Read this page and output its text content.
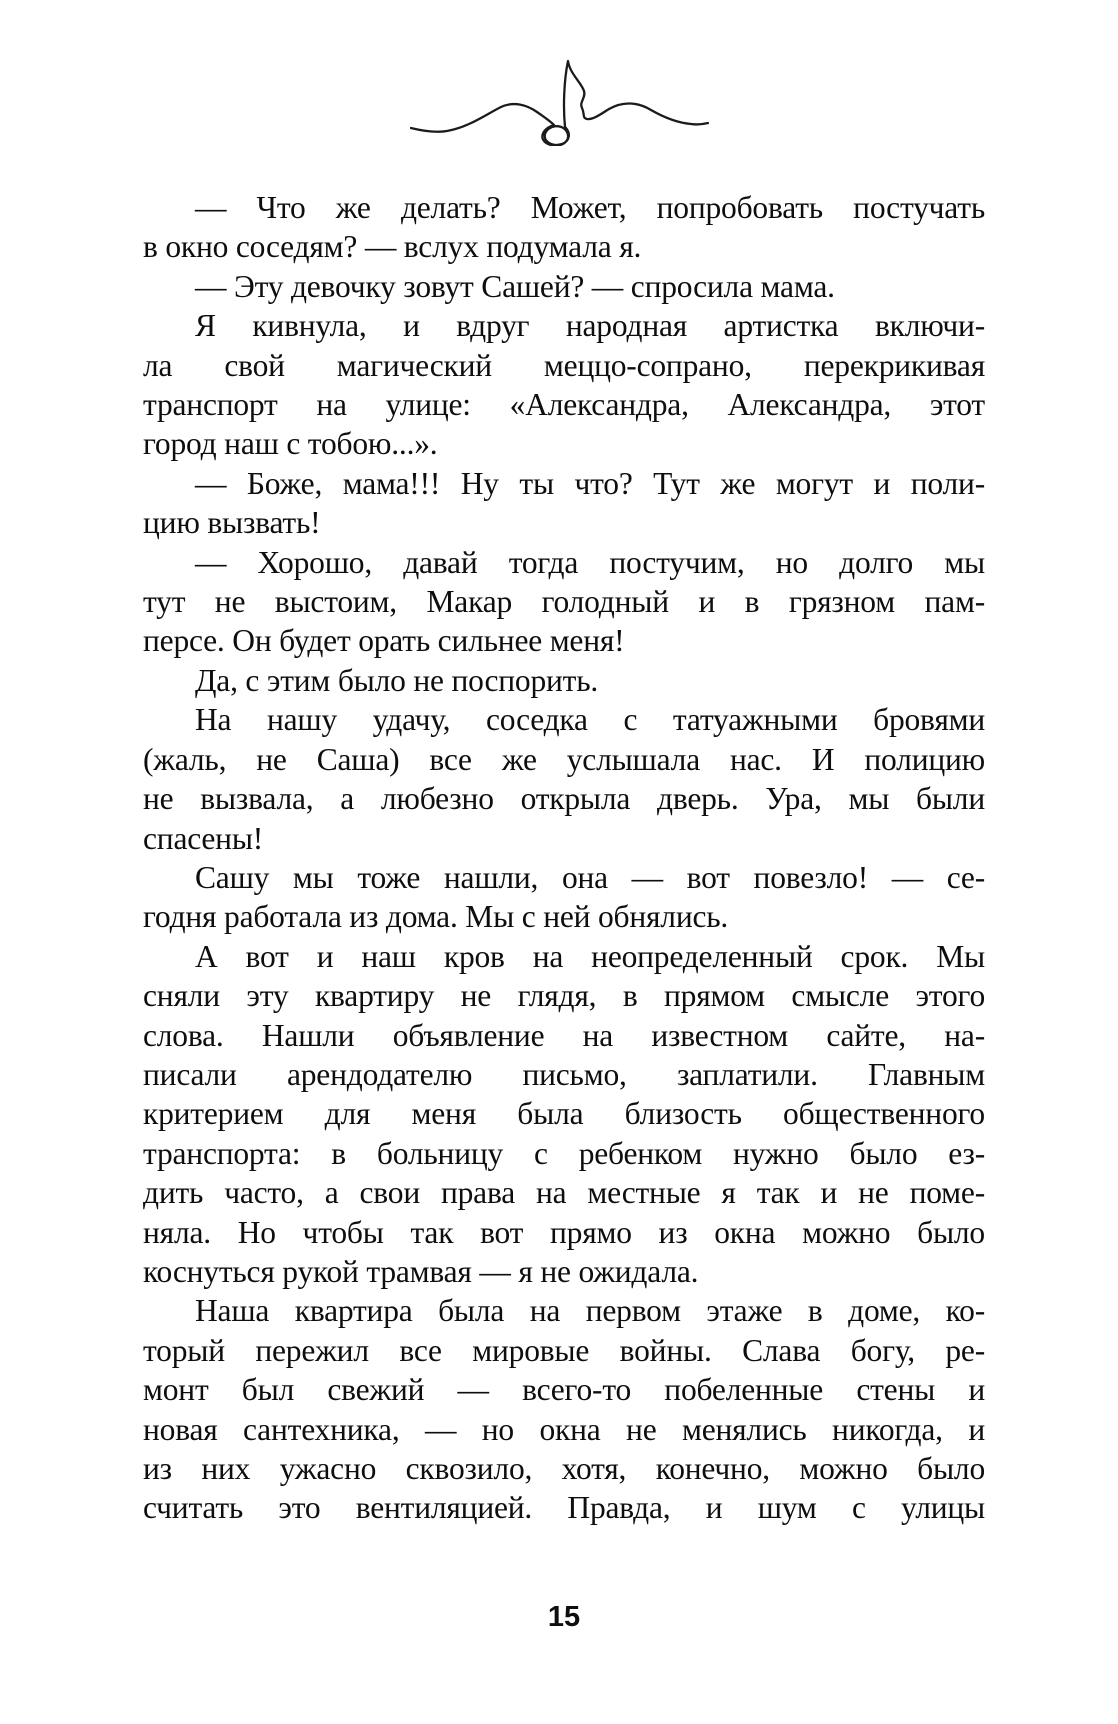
— Что же делать? Может, попробовать постучать
в окно соседям? — вслух подумала я.
— Эту девочку зовут Сашей? — спросила мама.
Я кивнула, и вдруг народная артистка включи-
ла свой магический меццо-сопрано, перекрикивая
транспорт на улице: «Александра, Александра, этот
город наш с тобою...».
— Боже, мама!!! Ну ты что? Тут же могут и поли-
цию вызвать!
— Хорошо, давай тогда постучим, но долго мы
тут не выстоим, Макар голодный и в грязном пам-
персе. Он будет орать сильнее меня!
Да, с этим было не поспорить.
На нашу удачу, соседка с татуажными бровями
(жаль, не Саша) все же услышала нас. И полицию
не вызвала, а любезно открыла дверь. Ура, мы были
спасены!
Сашу мы тоже нашли, она — вот повезло! — се-
годня работала из дома. Мы с ней обнялись.
А вот и наш кров на неопределенный срок. Мы
сняли эту квартиру не глядя, в прямом смысле этого
слова. Нашли объявление на известном сайте, на-
писали арендодателю письмо, заплатили. Главным
критерием для меня была близость общественного
транспорта: в больницу с ребенком нужно было ез-
дить часто, а свои права на местные я так и не поме-
няла. Но чтобы так вот прямо из окна можно было
коснуться рукой трамвая — я не ожидала.
Наша квартира была на первом этаже в доме, ко-
торый пережил все мировые войны. Слава богу, ре-
монт был свежий — всего-то побеленные стены и
новая сантехника, — но окна не менялись никогда, и
из них ужасно сквозило, хотя, конечно, можно было
считать это вентиляцией. Правда, и шум с улицы
15
